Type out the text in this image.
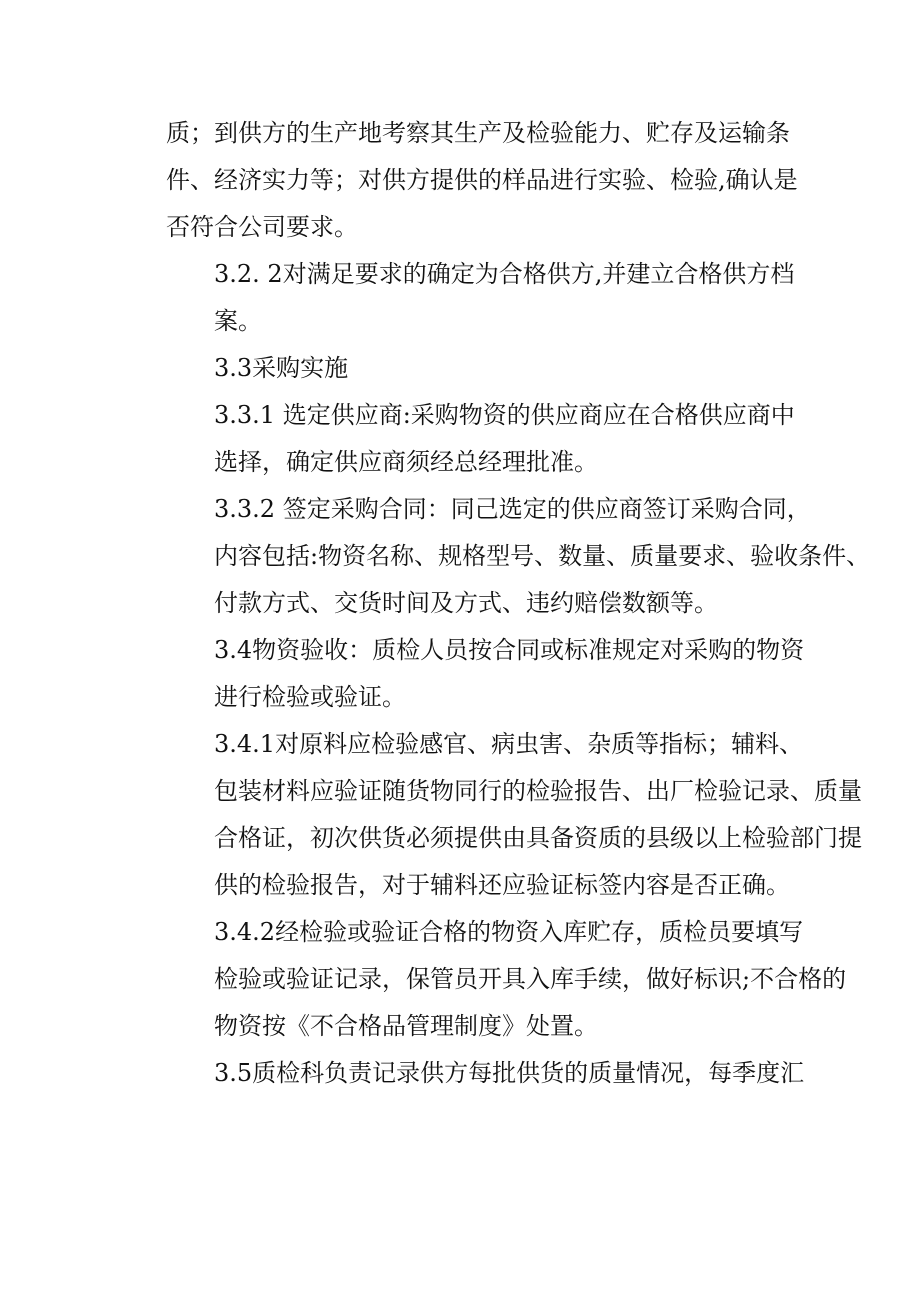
质；到供方的生产地考察其生产及检验能力、贮存及运输条
件、经济实力等；对供方提供的样品进行实验、检验,确认是
否符合公司要求。

3.2. 2对满足要求的确定为合格供方,并建立合格供方档
案。

3.3采购实施

3.3.1 选定供应商:采购物资的供应商应在合格供应商中
选择，确定供应商须经总经理批准。

3.3.2 签定采购合同：同己选定的供应商签订采购合同，
内容包括:物资名称、规格型号、数量、质量要求、验收条件、
付款方式、交货时间及方式、违约赔偿数额等。

3.4物资验收：质检人员按合同或标准规定对采购的物资
进行检验或验证。

3.4.1对原料应检验感官、病虫害、杂质等指标；辅料、
包装材料应验证随货物同行的检验报告、出厂检验记录、质量
合格证，初次供货必须提供由具备资质的县级以上检验部门提
供的检验报告，对于辅料还应验证标签内容是否正确。

3.4.2经检验或验证合格的物资入库贮存，质检员要填写
检验或验证记录，保管员开具入库手续，做好标识;不合格的
物资按《不合格品管理制度》处置。

3.5质检科负责记录供方每批供货的质量情况，每季度汇
